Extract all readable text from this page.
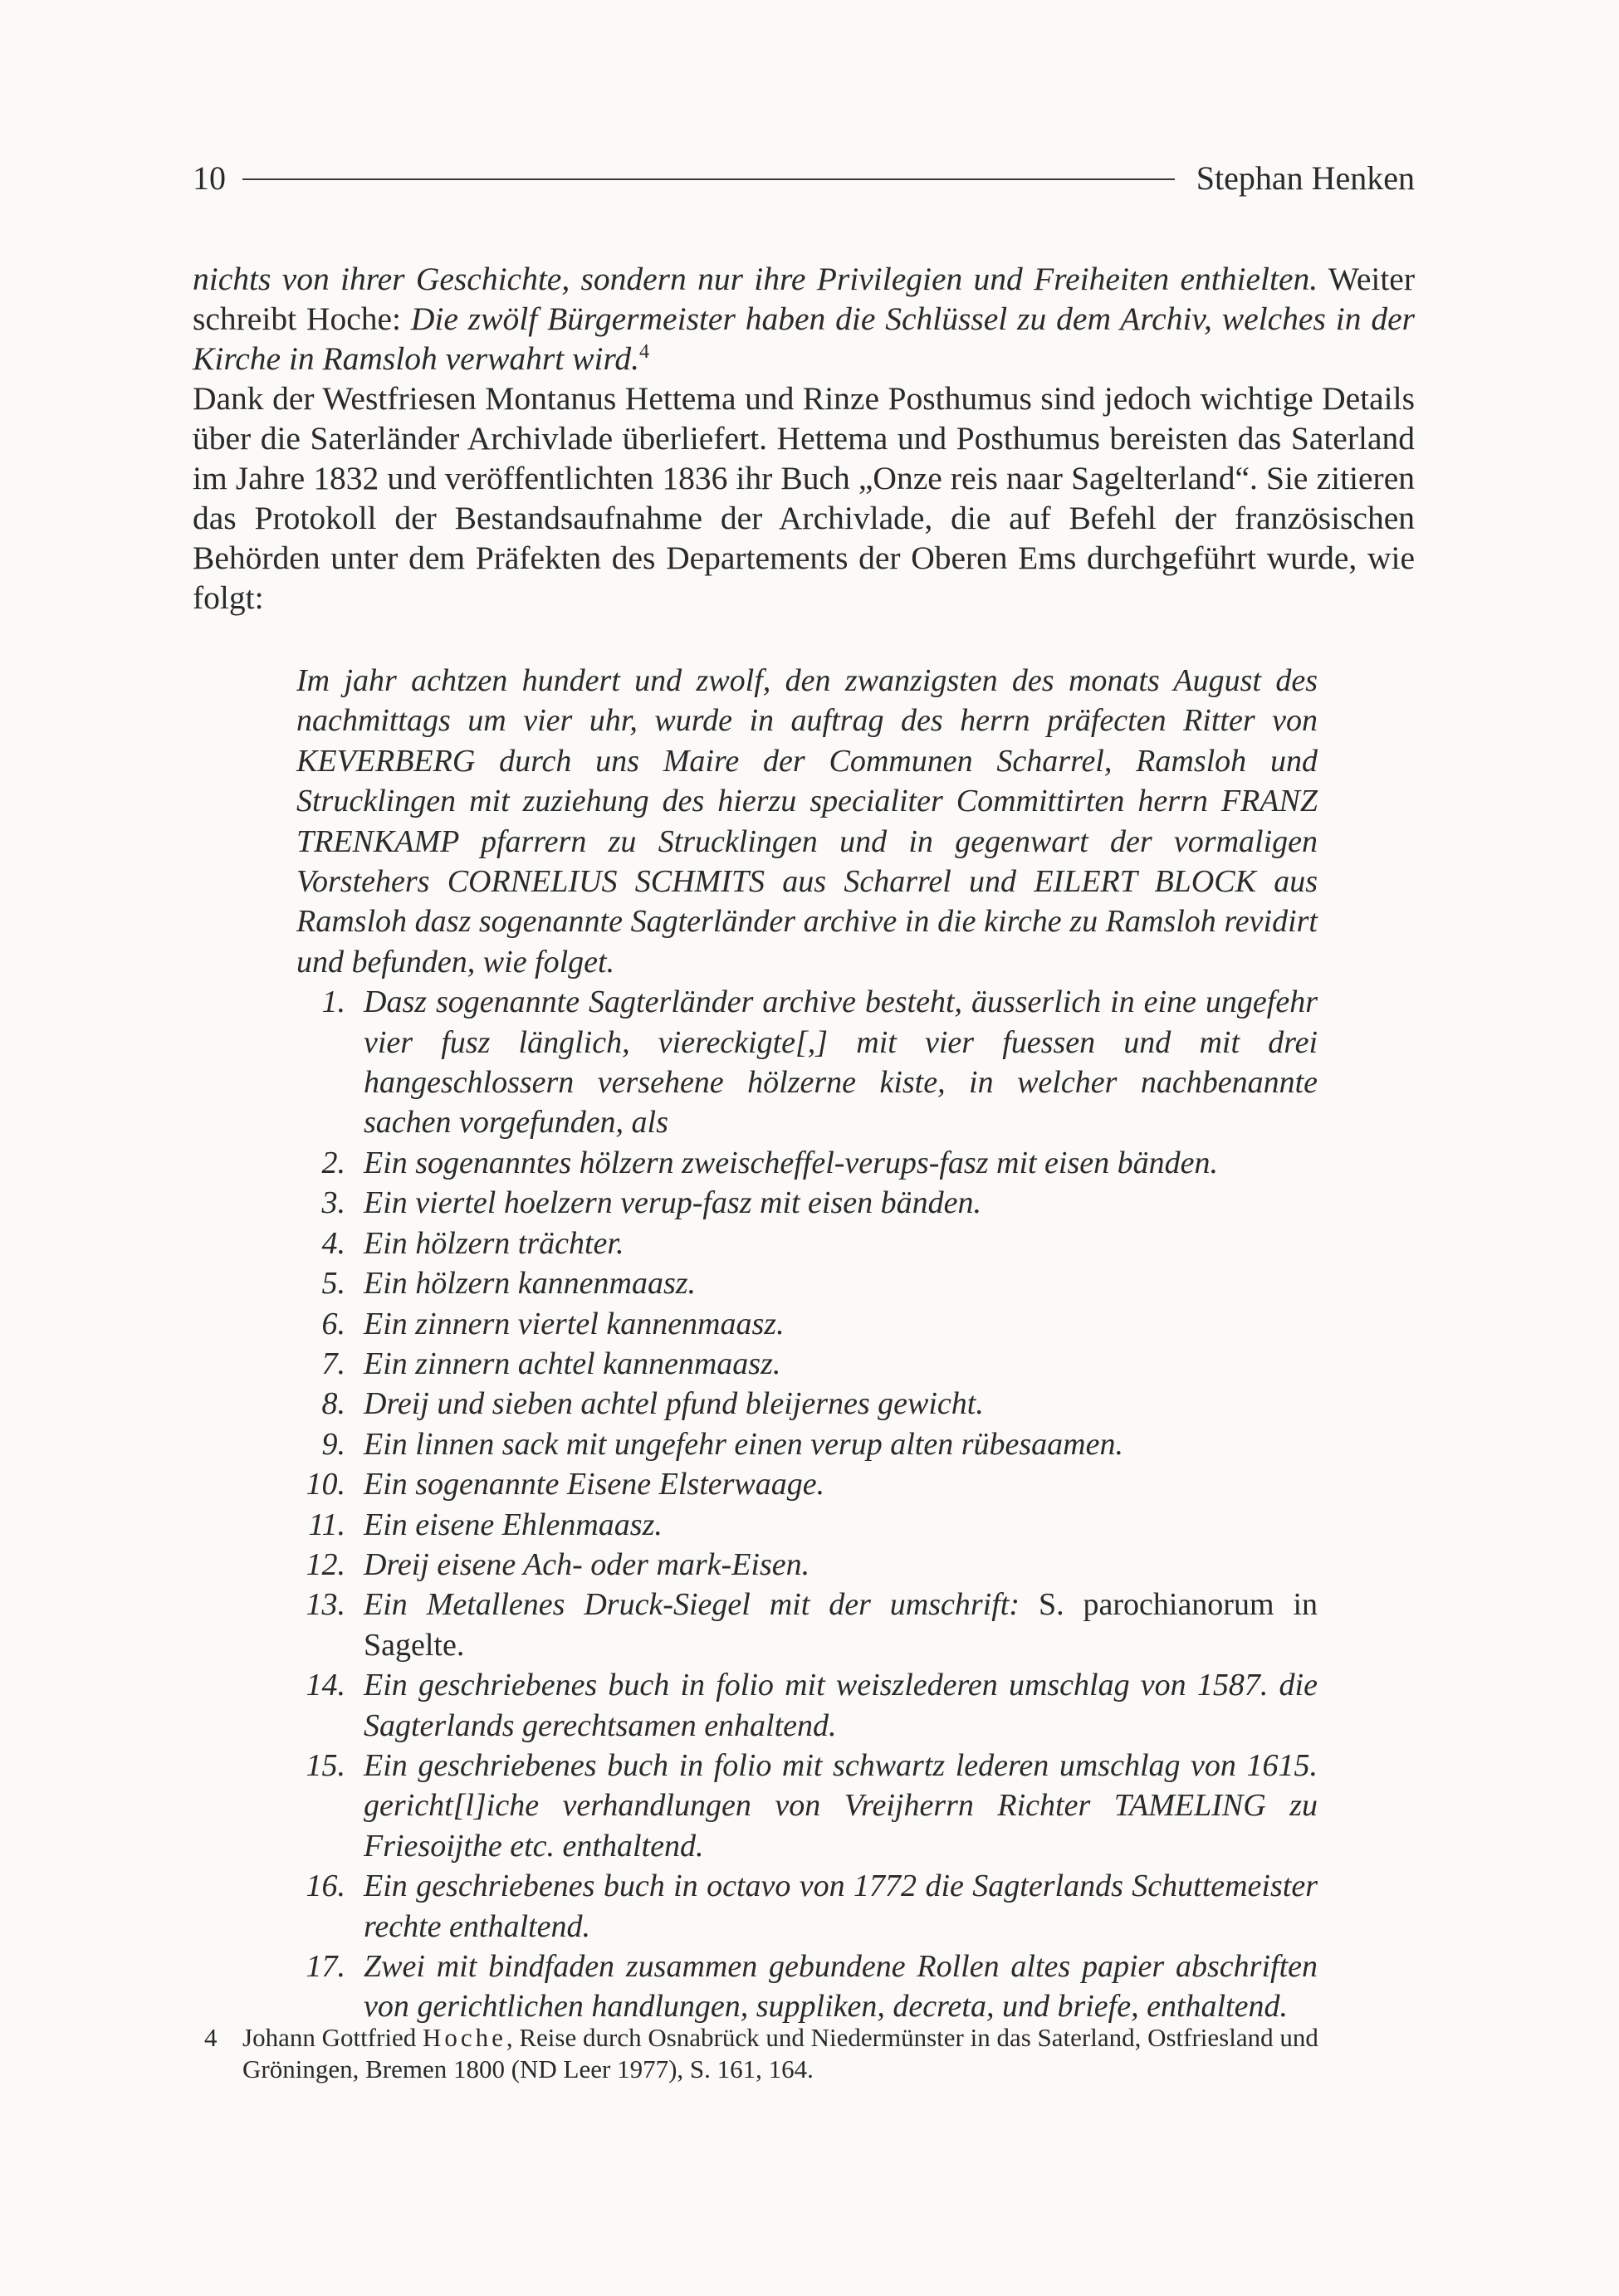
10	Stephan Henken

nichts von ihrer Geschichte, sondern nur ihre Privilegien und Freiheiten enthielten. Weiter schreibt Hoche: Die zwölf Bürgermeister haben die Schlüssel zu dem Archiv, welches in der Kirche in Ramsloh verwahrt wird.$^4$

Dank der Westfriesen Montanus Hettema und Rinze Posthumus sind jedoch wichtige Details über die Saterländer Archivlade überliefert. Hettema und Posthumus bereisten das Saterland im Jahre 1832 und veröffentlichten 1836 ihr Buch „Onze reis naar Sagelterland“. Sie zitieren das Protokoll der Bestandsaufnahme der Archivlade, die auf Befehl der französischen Behörden unter dem Präfekten des Departements der Oberen Ems durchgeführt wurde, wie folgt:

Im jahr achtzen hundert und zwolf, den zwanzigsten des monats August des nachmittags um vier uhr, wurde in auftrag des herrn präfecten Ritter von KEVERBERG durch uns Maire der Communen Scharrel, Ramsloh und Strucklingen mit zuziehung des hierzu specialiter Committirten herrn FRANZ TRENKAMP pfarrern zu Strucklingen und in gegenwart der vormaligen Vorstehers CORNELIUS SCHMITS aus Scharrel und EILERT BLOCK aus Ramsloh dasz sogenannte Sagterländer archive in die kirche zu Ramsloh revidirt und befunden, wie folget.

1. Dasz sogenannte Sagterländer archive besteht, äusserlich in eine ungefehr vier fusz länglich, viereckigte[,] mit vier fuessen und mit drei hangeschlossern versehene hölzerne kiste, in welcher nachbenannte sachen vorgefunden, als
2. Ein sogenanntes hölzern zweischeffel-verups-fasz mit eisen bänden.
3. Ein viertel hoelzern verup-fasz mit eisen bänden.
4. Ein hölzern trächter.
5. Ein hölzern kannenmaasz.
6. Ein zinnern viertel kannenmaasz.
7. Ein zinnern achtel kannenmaasz.
8. Dreij und sieben achtel pfund bleijernes gewicht.
9. Ein linnen sack mit ungefehr einen verup alten rübesaamen.
10. Ein sogenannte Eisene Elsterwaage.
11. Ein eisene Ehlenmaasz.
12. Dreij eisene Ach- oder mark-Eisen.
13. Ein Metallenes Druck-Siegel mit der umschrift: S. parochianorum in Sagelte.
14. Ein geschriebenes buch in folio mit weiszlederen umschlag von 1587. die Sagterlands gerechtsamen enhaltend.
15. Ein geschriebenes buch in folio mit schwartz lederen umschlag von 1615. gericht[l]iche verhandlungen von Vreijherrn Richter TAMELING zu Friesoijthe etc. enthaltend.
16. Ein geschriebenes buch in octavo von 1772 die Sagterlands Schuttemeister rechte enthaltend.
17. Zwei mit bindfaden zusammen gebundene Rollen altes papier abschriften von gerichtlichen handlungen, suppliken, decreta, und briefe, enthaltend.
4 Johann Gottfried Hoche, Reise durch Osnabrück und Niedermünster in das Saterland, Ostfriesland und Gröningen, Bremen 1800 (ND Leer 1977), S. 161, 164.
